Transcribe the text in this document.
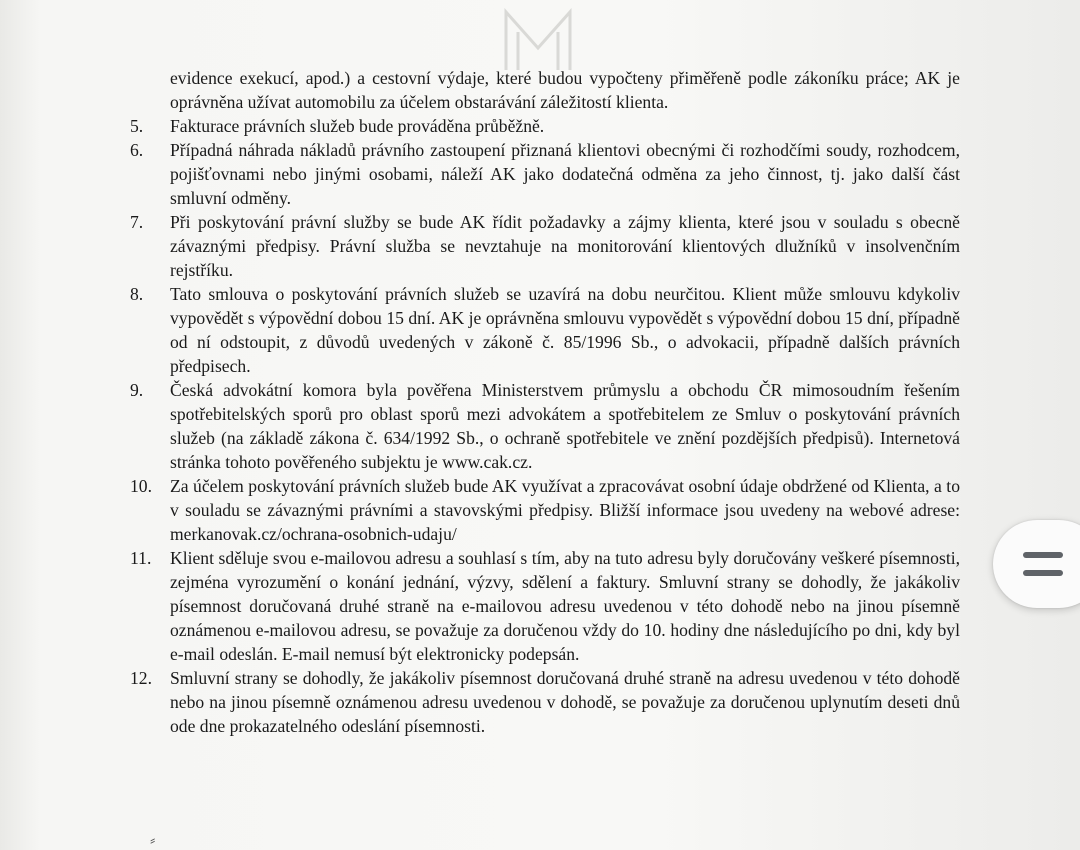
evidence exekucí, apod.) a cestovní výdaje, které budou vypočteny přiměřeně podle zákoníku práce; AK je oprávněna užívat automobilu za účelem obstarávání záležitostí klienta.
5.	Fakturace právních služeb bude prováděna průběžně.
6.	Případná náhrada nákladů právního zastoupení přiznaná klientovi obecnými či rozhodčími soudy, rozhodcem, pojišťovnami nebo jinými osobami, náleží AK jako dodatečná odměna za jeho činnost, tj. jako další část smluvní odměny.
7.	Při poskytování právní služby se bude AK řídit požadavky a zájmy klienta, které jsou v souladu s obecně závaznými předpisy. Právní služba se nevztahuje na monitorování klientových dlužníků v insolvenčním rejstříku.
8.	Tato smlouva o poskytování právních služeb se uzavírá na dobu neurčitou. Klient může smlouvu kdykoliv vypovědět s výpovědní dobou 15 dní. AK je oprávněna smlouvu vypovědět s výpovědní dobou 15 dní, případně od ní odstoupit, z důvodů uvedených v zákoně č. 85/1996 Sb., o advokacii, případně dalších právních předpisech.
9.	Česká advokátní komora byla pověřena Ministerstvem průmyslu a obchodu ČR mimosoudním řešením spotřebitelských sporů pro oblast sporů mezi advokátem a spotřebitelem ze Smluv o poskytování právních služeb (na základě zákona č. 634/1992 Sb., o ochraně spotřebitele ve znění pozdějších předpisů). Internetová stránka tohoto pověřeného subjektu je www.cak.cz.
10.	Za účelem poskytování právních služeb bude AK využívat a zpracovávat osobní údaje obdržené od Klienta, a to v souladu se závaznými právními a stavovskými předpisy. Bližší informace jsou uvedeny na webové adrese: merkanovak.cz/ochrana-osobnich-udaju/
11.	Klient sděluje svou e-mailovou adresu a souhlasí s tím, aby na tuto adresu byly doručovány veškeré písemnosti, zejména vyrozumění o konání jednání, výzvy, sdělení a faktury. Smluvní strany se dohodly, že jakákoliv písemnost doručovaná druhé straně na e-mailovou adresu uvedenou v této dohodě nebo na jinou písemně oznámenou e-mailovou adresu, se považuje za doručenou vždy do 10. hodiny dne následujícího po dni, kdy byl e-mail odeslán. E-mail nemusí být elektronicky podepsán.
12.	Smluvní strany se dohodly, že jakákoliv písemnost doručovaná druhé straně na adresu uvedenou v této dohodě nebo na jinou písemně oznámenou adresu uvedenou v dohodě, se považuje za doručenou uplynutím deseti dnů ode dne prokazatelného odeslání písemnosti.
⸗
